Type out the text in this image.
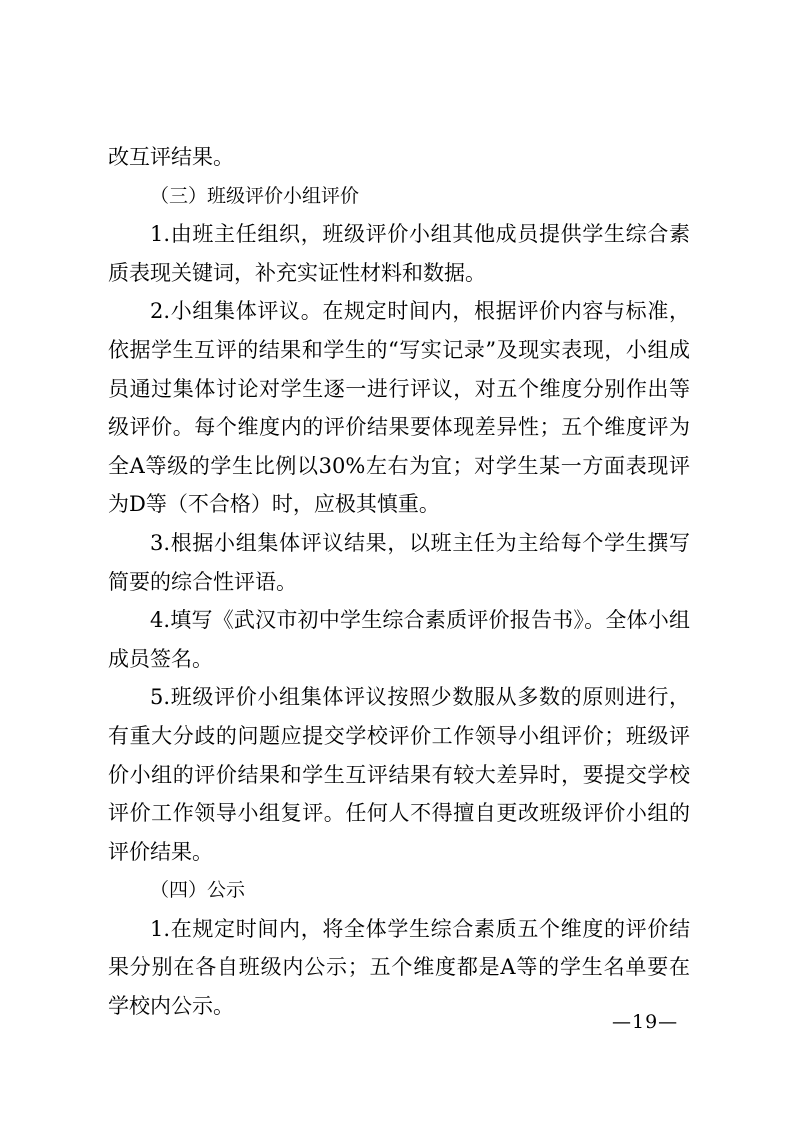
改互评结果。

（三）班级评价小组评价

1.由班主任组织，班级评价小组其他成员提供学生综合素质表现关键词，补充实证性材料和数据。

2.小组集体评议。在规定时间内，根据评价内容与标准，依据学生互评的结果和学生的“写实记录”及现实表现，小组成员通过集体讨论对学生逐一进行评议，对五个维度分别作出等级评价。每个维度内的评价结果要体现差异性；五个维度评为全A等级的学生比例以30%左右为宜；对学生某一方面表现评为D等（不合格）时，应极其慎重。

3.根据小组集体评议结果，以班主任为主给每个学生撰写简要的综合性评语。

4.填写《武汉市初中学生综合素质评价报告书》。全体小组成员签名。

5.班级评价小组集体评议按照少数服从多数的原则进行，有重大分歧的问题应提交学校评价工作领导小组评价；班级评价小组的评价结果和学生互评结果有较大差异时，要提交学校评价工作领导小组复评。任何人不得擅自更改班级评价小组的评价结果。

（四）公示

1.在规定时间内，将全体学生综合素质五个维度的评价结果分别在各自班级内公示；五个维度都是A等的学生名单要在学校内公示。

—19—
